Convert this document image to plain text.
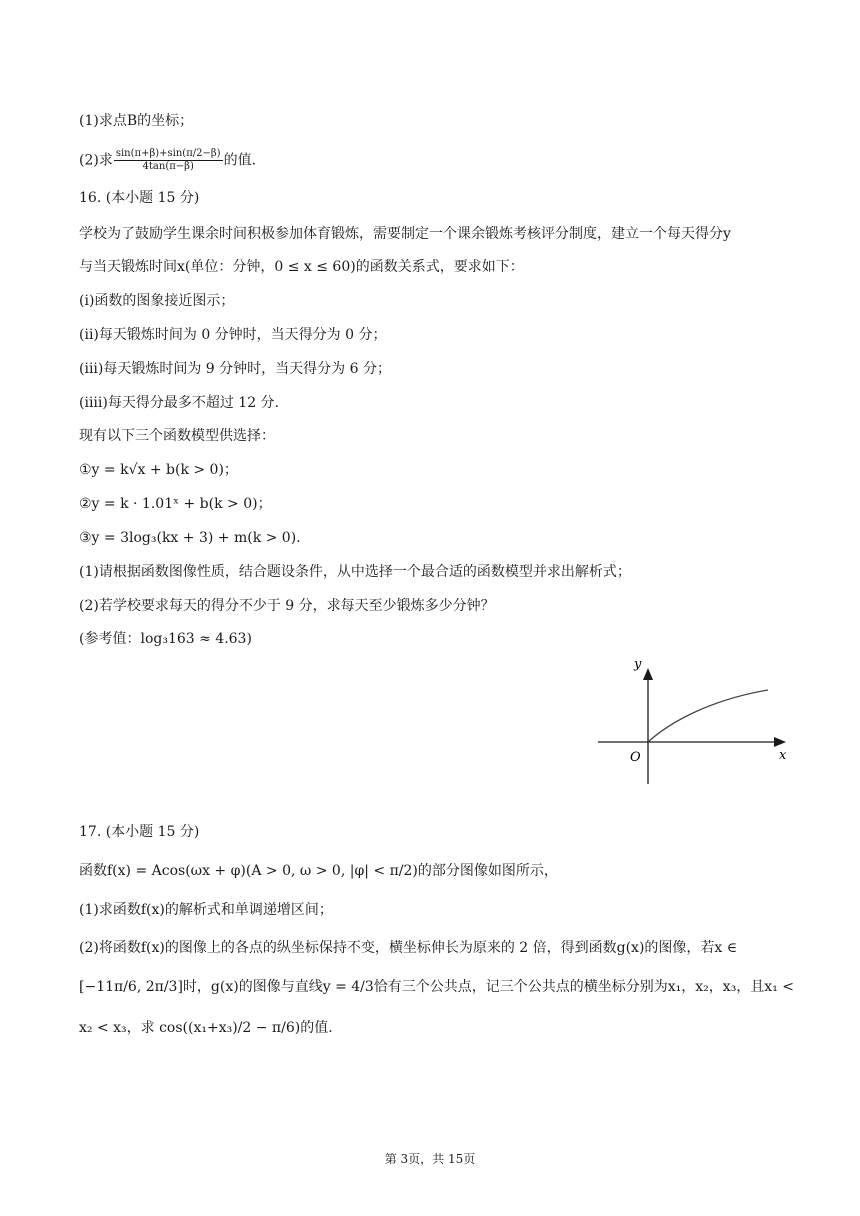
(1)求点B的坐标；
(2)求 $\frac{\sin(\pi+\beta)+\sin(\pi/2-\beta)}{4\tan(\pi-\beta)}$ 的值.
16. (本小题 15 分)
学校为了鼓励学生课余时间积极参加体育锻炼，需要制定一个课余锻炼考核评分制度，建立一个每天得分y
与当天锻炼时间x(单位：分钟，0 ≤ x ≤ 60)的函数关系式，要求如下：
(i)函数的图象接近图示；
(ii)每天锻炼时间为 0 分钟时，当天得分为 0 分；
(iii)每天锻炼时间为 9 分钟时，当天得分为 6 分；
(iiii)每天得分最多不超过 12 分.
现有以下三个函数模型供选择：
①y = k√x + b(k > 0)；
②y = k · 1.01ˣ + b(k > 0)；
③y = 3log₃(kx + 3) + m(k > 0).
(1)请根据函数图像性质，结合题设条件，从中选择一个最合适的函数模型并求出解析式；
(2)若学校要求每天的得分不少于 9 分，求每天至少锻炼多少分钟？
(参考值：log₃163 ≈ 4.63)
y
x
O
17. (本小题 15 分)
函数f(x) = Acos(ωx + φ)(A > 0, ω > 0, |φ| < π/2)的部分图像如图所示，
(1)求函数f(x)的解析式和单调递增区间；
(2)将函数f(x)的图像上的各点的纵坐标保持不变，横坐标伸长为原来的 2 倍，得到函数g(x)的图像，若x ∈
[−11π/6, 2π/3]时，g(x)的图像与直线y = 4/3恰有三个公共点，记三个公共点的横坐标分别为x₁，x₂，x₃，且x₁ <
x₂ < x₃，求 cos((x₁+x₃)/2 − π/6)的值.
第 3页，共 15页
